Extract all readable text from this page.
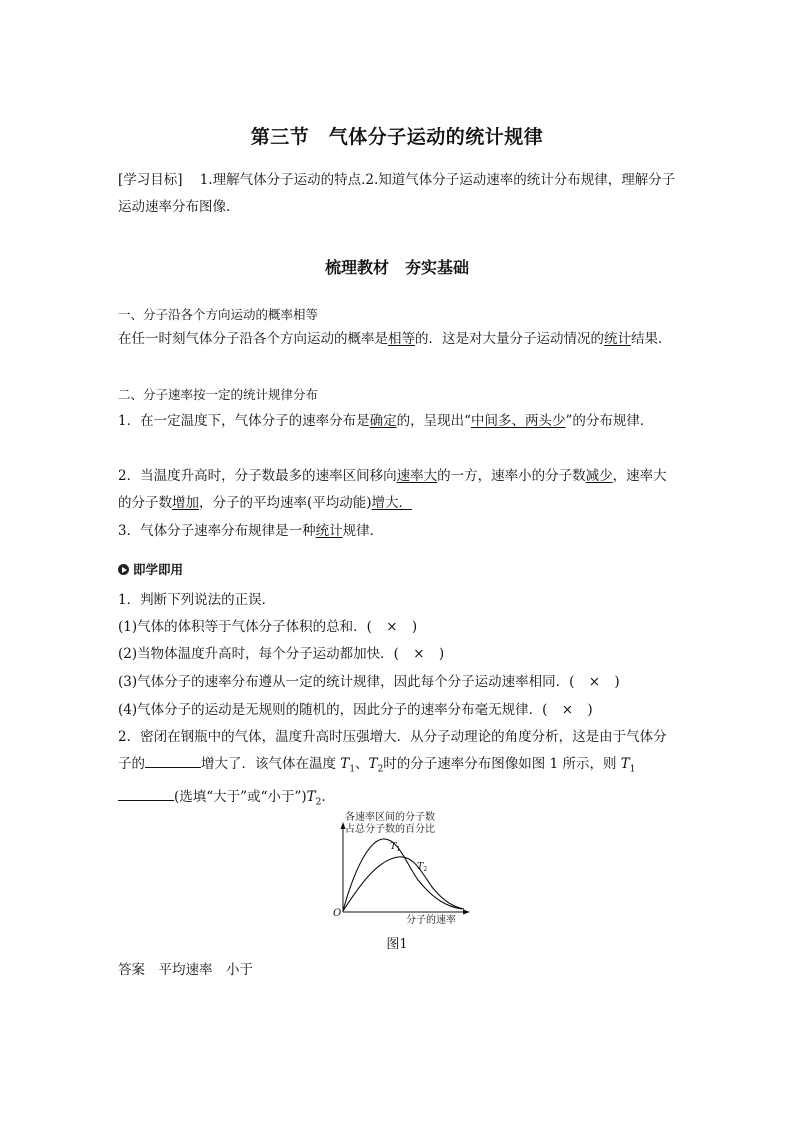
第三节　气体分子运动的统计规律
[学习目标] 1.理解气体分子运动的特点.2.知道气体分子运动速率的统计分布规律，理解分子运动速率分布图像.
梳理教材　夯实基础
一、分子沿各个方向运动的概率相等
在任一时刻气体分子沿各个方向运动的概率是相等的．这是对大量分子运动情况的统计结果．
二、分子速率按一定的统计规律分布
1．在一定温度下，气体分子的速率分布是确定的，呈现出“中间多、两头少”的分布规律．
2．当温度升高时，分子数最多的速率区间移向速率大的一方，速率小的分子数减少，速率大的分子数增加，分子的平均速率(平均动能)增大．
3．气体分子速率分布规律是一种统计规律．
即学即用
1．判断下列说法的正误．
(1)气体的体积等于气体分子体积的总和．( × )
(2)当物体温度升高时，每个分子运动都加快．( × )
(3)气体分子的速率分布遵从一定的统计规律，因此每个分子运动速率相同．( × )
(4)气体分子的运动是无规则的随机的，因此分子的速率分布毫无规律．( × )
2．密闭在钢瓶中的气体，温度升高时压强增大．从分子动理论的角度分析，这是由于气体分子的	增大了．该气体在温度 $T_1$、$T_2$时的分子速率分布图像如图 1 所示，则 $T_1$(选填“大于”或“小于$”)T_2$.
各速率区间的分子数
占总分子数的百分比
$T_1$
$T_2$
O
分子的速率
图1
答案　平均速率　小于
